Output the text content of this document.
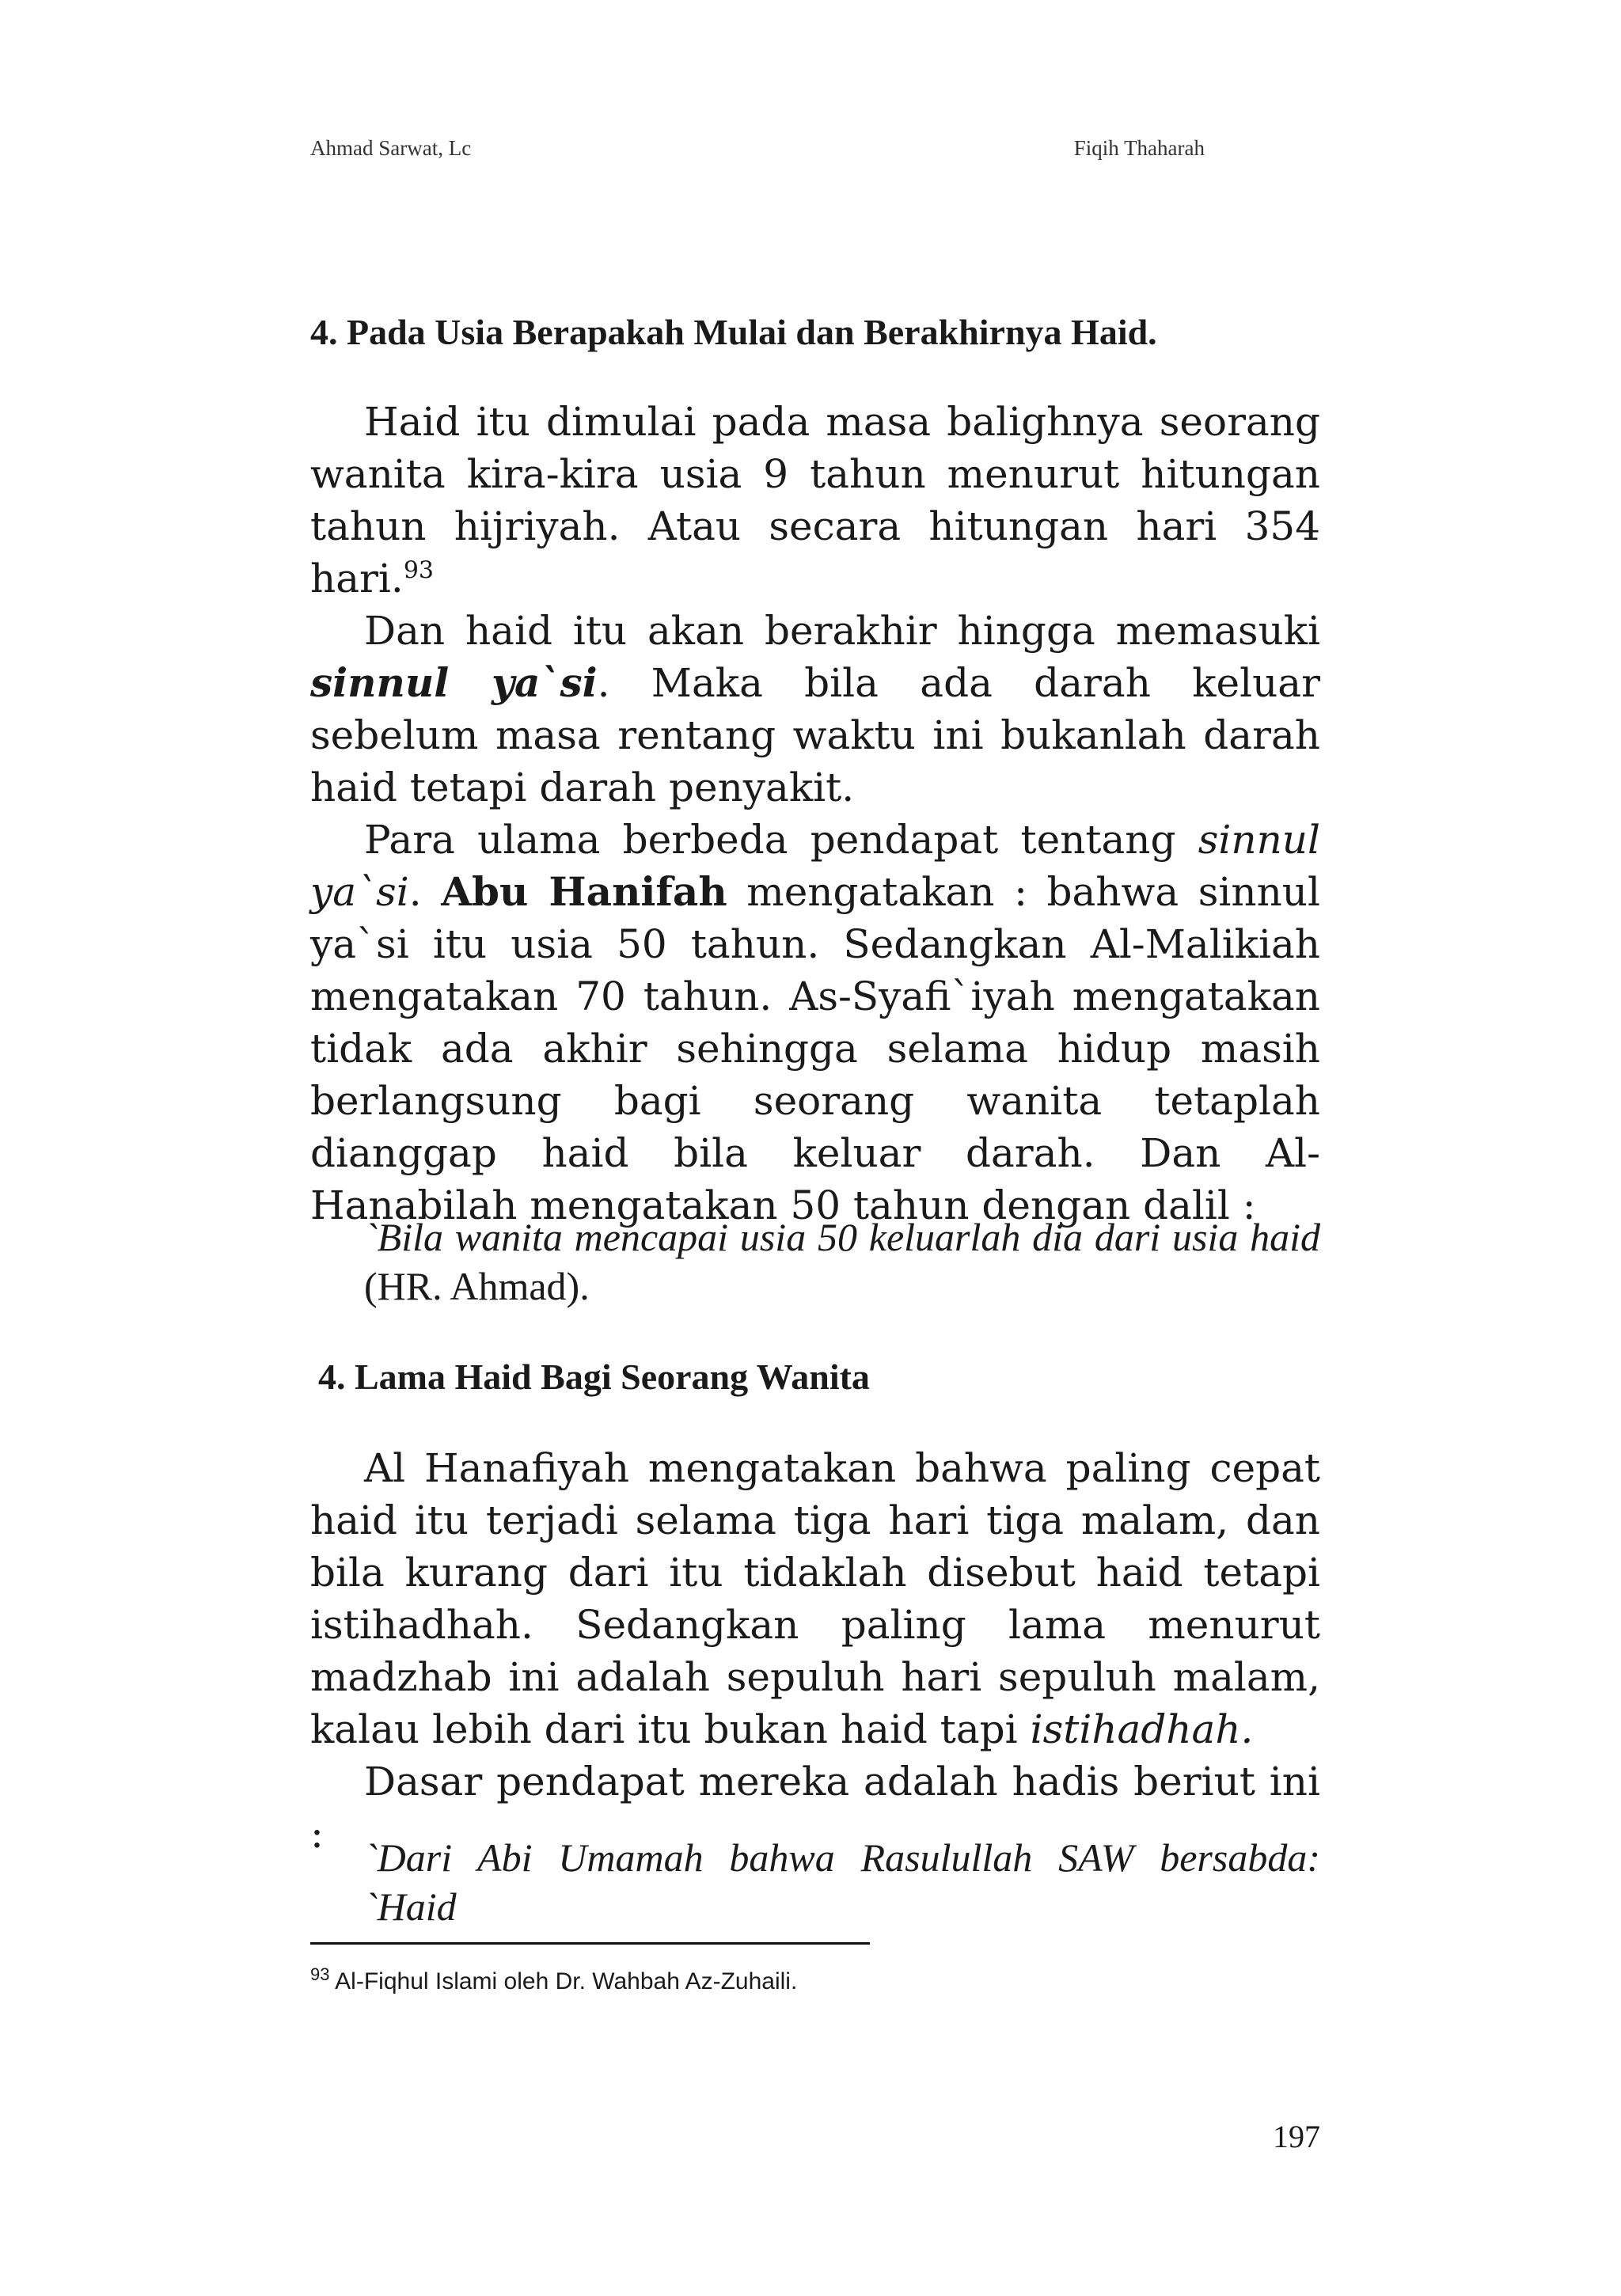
Ahmad Sarwat, Lc	Fiqih Thaharah
4. Pada Usia Berapakah Mulai dan Berakhirnya Haid.

Haid itu dimulai pada masa balighnya seorang wanita kira-kira usia 9 tahun menurut hitungan tahun hijriyah. Atau secara hitungan hari 354 hari.$^{93}$

Dan haid itu akan berakhir hingga memasuki sinnul ya`si. Maka bila ada darah keluar sebelum masa rentang waktu ini bukanlah darah haid tetapi darah penyakit.

Para ulama berbeda pendapat tentang sinnul ya`si. Abu Hanifah mengatakan : bahwa sinnul ya`si itu usia 50 tahun. Sedangkan Al-Malikiah mengatakan 70 tahun. As-Syafi`iyah mengatakan tidak ada akhir sehingga selama hidup masih berlangsung bagi seorang wanita tetaplah dianggap haid bila keluar darah. Dan Al-Hanabilah mengatakan 50 tahun dengan dalil :

`Bila wanita mencapai usia 50 keluarlah dia dari usia haid (HR. Ahmad).

4. Lama Haid Bagi Seorang Wanita

Al Hanafiyah mengatakan bahwa paling cepat haid itu terjadi selama tiga hari tiga malam, dan bila kurang dari itu tidaklah disebut haid tetapi istihadhah. Sedangkan paling lama menurut madzhab ini adalah sepuluh hari sepuluh malam, kalau lebih dari itu bukan haid tapi istihadhah.

Dasar pendapat mereka adalah hadis beriut ini :

`Dari Abi Umamah bahwa Rasulullah SAW bersabda: `Haid

$^{93}$ Al-Fiqhul Islami oleh Dr. Wahbah Az-Zuhaili.
197
